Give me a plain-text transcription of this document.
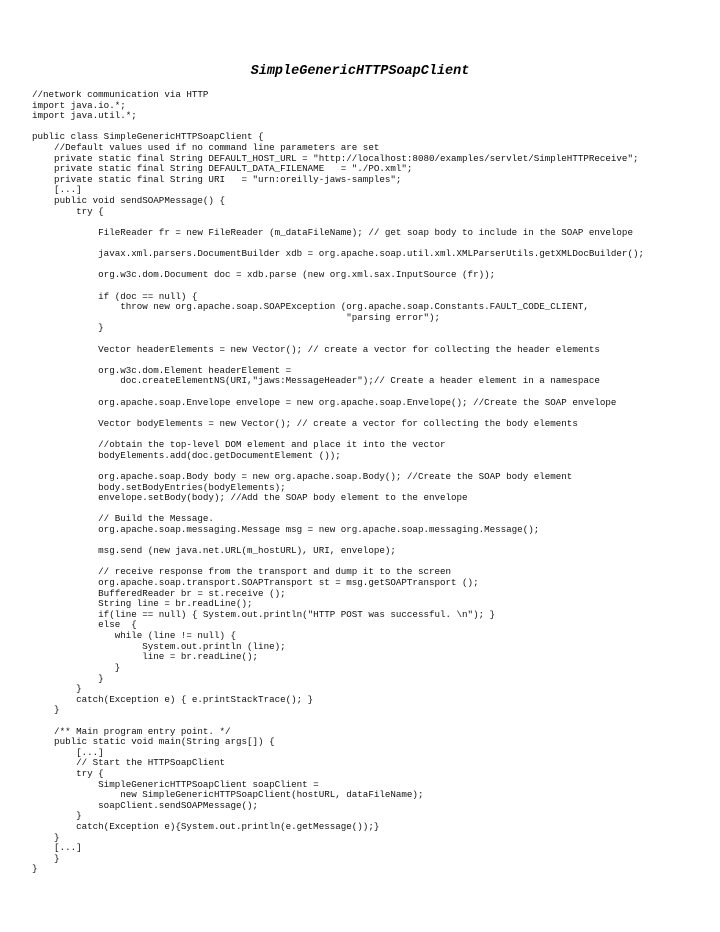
SimpleGenericHTTPSoapClient
//network communication via HTTP
import java.io.*;
import java.util.*;
public class SimpleGenericHTTPSoapClient {
//Default values used if no command line parameters are set
private static final String DEFAULT_HOST_URL = "http://localhost:8080/examples/servlet/SimpleHTTPReceive";
private static final String DEFAULT_DATA_FILENAME   = "./PO.xml";
private static final String URI   = "urn:oreilly-jaws-samples";
[...]
public void sendSOAPMessage() {
try {
FileReader fr = new FileReader (m_dataFileName); // get soap body to include in the SOAP envelope
javax.xml.parsers.DocumentBuilder xdb = org.apache.soap.util.xml.XMLParserUtils.getXMLDocBuilder();
org.w3c.dom.Document doc = xdb.parse (new org.xml.sax.InputSource (fr));
if (doc == null) {
throw new org.apache.soap.SOAPException (org.apache.soap.Constants.FAULT_CODE_CLIENT,
"parsing error");
}
Vector headerElements = new Vector(); // create a vector for collecting the header elements
org.w3c.dom.Element headerElement =
doc.createElementNS(URI,"jaws:MessageHeader");// Create a header element in a namespace
org.apache.soap.Envelope envelope = new org.apache.soap.Envelope(); //Create the SOAP envelope
Vector bodyElements = new Vector(); // create a vector for collecting the body elements
//obtain the top-level DOM element and place it into the vector
bodyElements.add(doc.getDocumentElement ());
org.apache.soap.Body body = new org.apache.soap.Body(); //Create the SOAP body element
body.setBodyEntries(bodyElements);
envelope.setBody(body); //Add the SOAP body element to the envelope
// Build the Message.
org.apache.soap.messaging.Message msg = new org.apache.soap.messaging.Message();
msg.send (new java.net.URL(m_hostURL), URI, envelope);
// receive response from the transport and dump it to the screen
org.apache.soap.transport.SOAPTransport st = msg.getSOAPTransport ();
BufferedReader br = st.receive ();
String line = br.readLine();
if(line == null) { System.out.println("HTTP POST was successful. \n"); }
else  {
while (line != null) {
System.out.println (line);
line = br.readLine();
}
}
}
catch(Exception e) { e.printStackTrace(); }
}
/** Main program entry point. */
public static void main(String args[]) {
[...]
// Start the HTTPSoapClient
try {
SimpleGenericHTTPSoapClient soapClient =
new SimpleGenericHTTPSoapClient(hostURL, dataFileName);
soapClient.sendSOAPMessage();
}
catch(Exception e){System.out.println(e.getMessage());}
}
[...]
}
}
